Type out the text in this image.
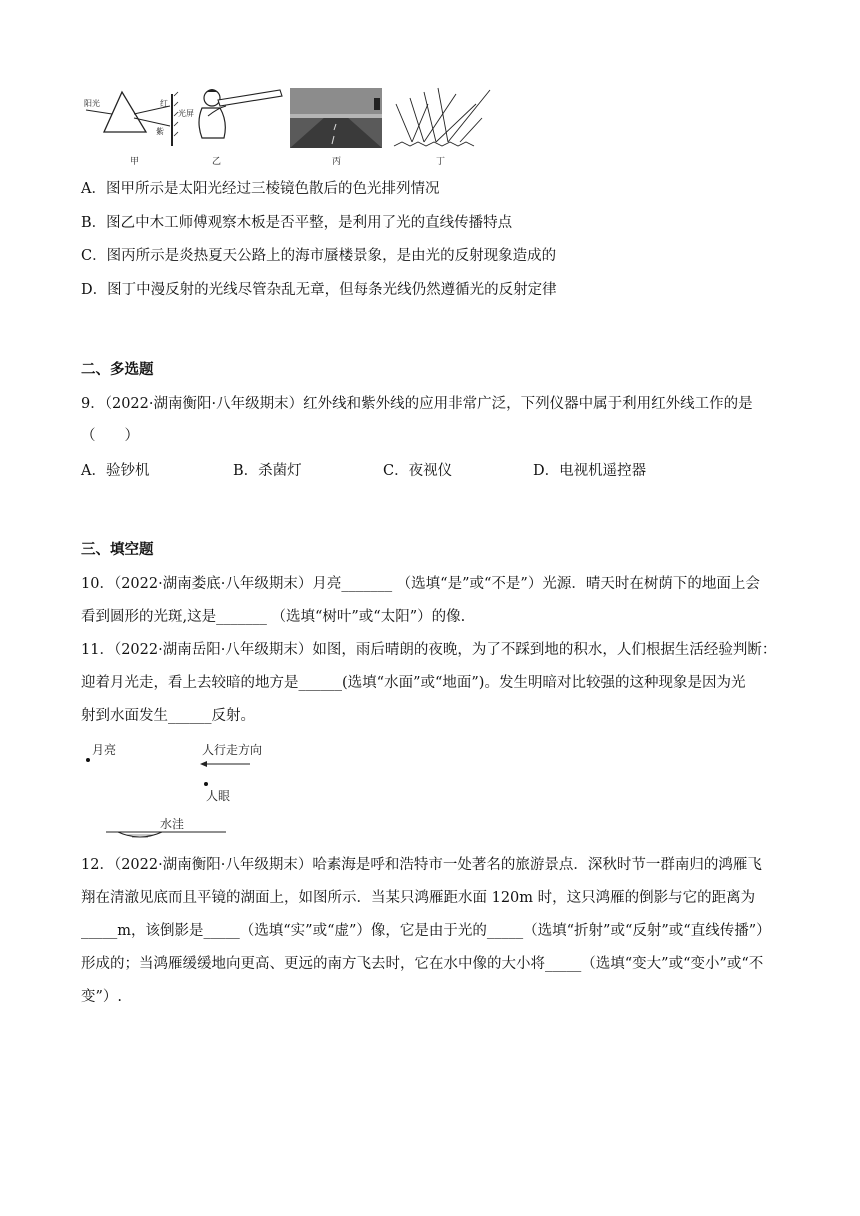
阳光	红
紫
光屏
甲	乙	丙	丁
A．图甲所示是太阳光经过三棱镜色散后的色光排列情况
B．图乙中木工师傅观察木板是否平整，是利用了光的直线传播特点
C．图丙所示是炎热夏天公路上的海市蜃楼景象，是由光的反射现象造成的
D．图丁中漫反射的光线尽管杂乱无章，但每条光线仍然遵循光的反射定律
二、多选题
9．（2022·湖南衡阳·八年级期末）红外线和紫外线的应用非常广泛，下列仪器中属于利用红外线工作的是
（　　）
A．验钞机	B．杀菌灯	C．夜视仪	D．电视机遥控器
三、填空题
10．（2022·湖南娄底·八年级期末）月亮_______ （选填“是”或“不是”）光源．晴天时在树荫下的地面上会
看到圆形的光斑,这是_______ （选填“树叶”或“太阳”）的像.
11．（2022·湖南岳阳·八年级期末）如图，雨后晴朗的夜晚，为了不踩到地的积水，人们根据生活经验判断：
迎着月光走，看上去较暗的地方是______(选填“水面”或“地面”)。发生明暗对比较强的这种现象是因为光
射到水面发生______反射。
月亮	人行走方向
人眼
水洼
12．（2022·湖南衡阳·八年级期末）哈素海是呼和浩特市一处著名的旅游景点．深秋时节一群南归的鸿雁飞
翔在清澈见底而且平镜的湖面上，如图所示．当某只鸿雁距水面 120m 时，这只鸿雁的倒影与它的距离为
_____m，该倒影是_____（选填“实”或“虚”）像，它是由于光的_____（选填“折射”或“反射”或“直线传播”）
形成的；当鸿雁缓缓地向更高、更远的南方飞去时，它在水中像的大小将_____（选填“变大”或“变小”或“不
变”）.
